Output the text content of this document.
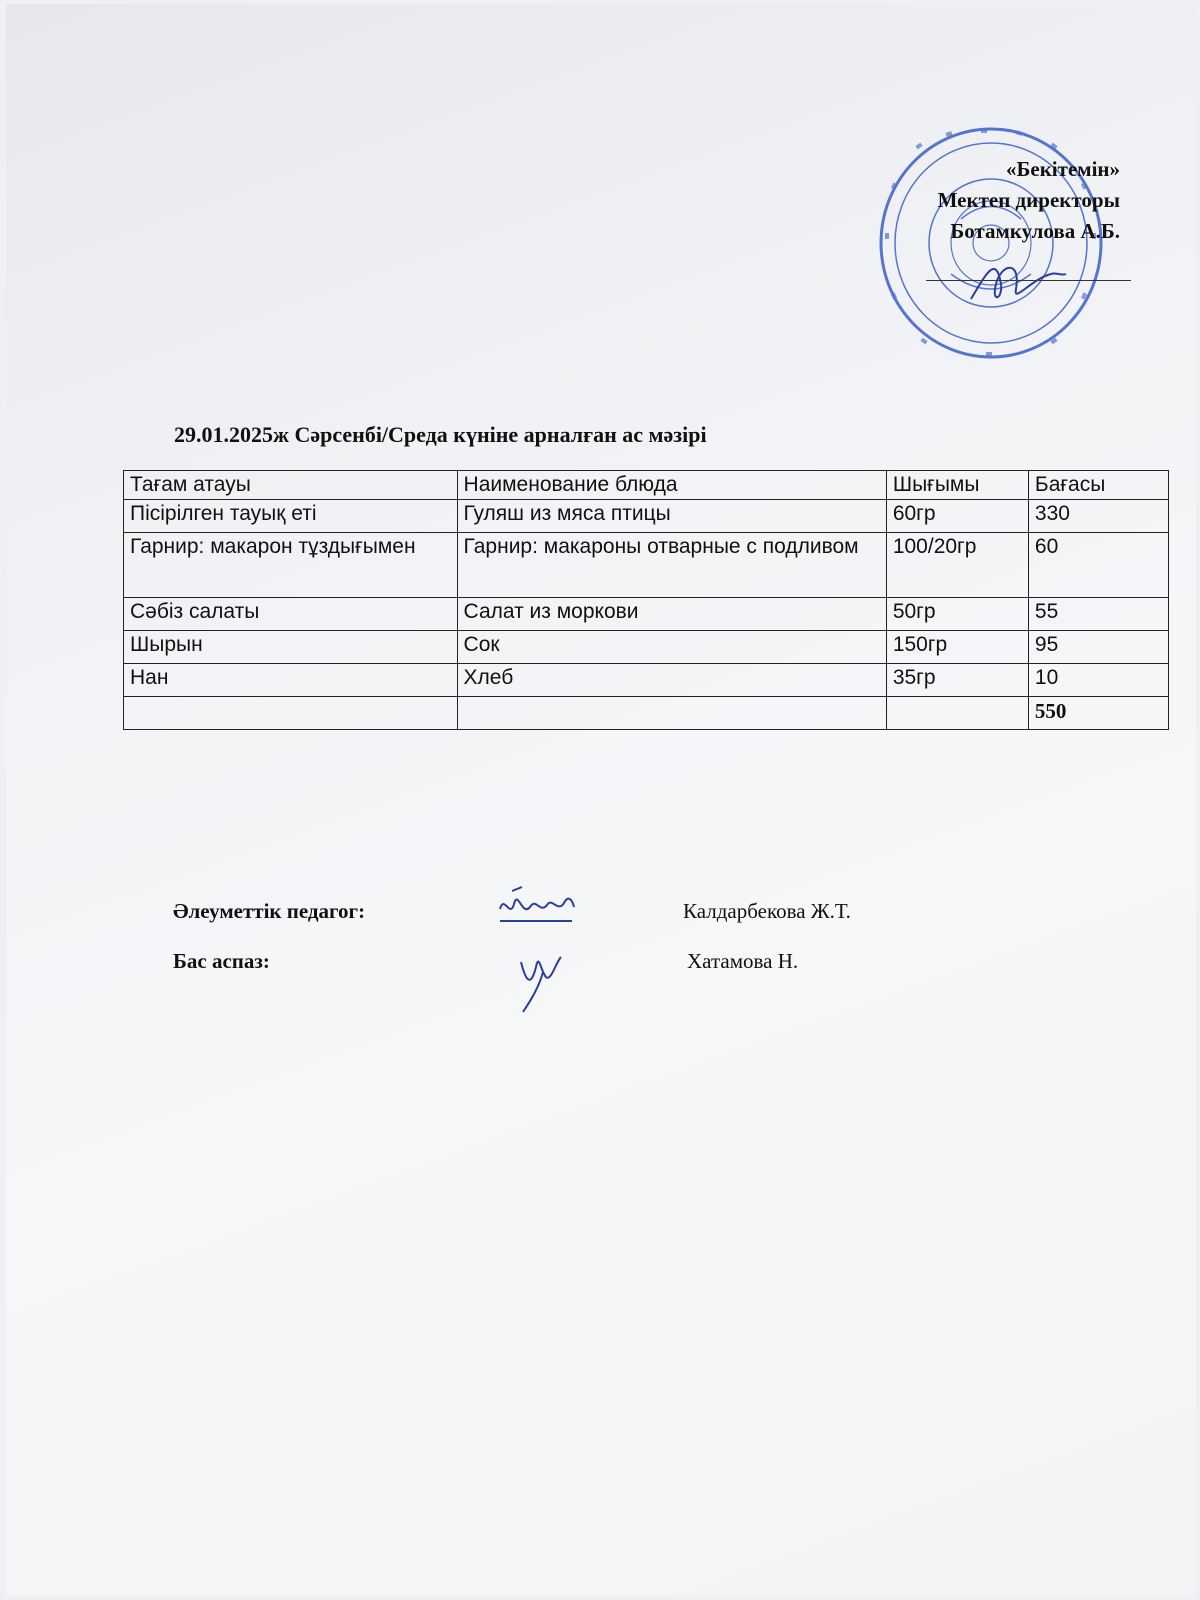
«Бекітемін»
Мектеп директоры
Ботамкулова А.Б.
29.01.2025ж Сәрсенбі/Среда күніне арналған ас мәзірі
Тағам атауы	Наименование блюда	Шығымы	Бағасы
Пісірілген тауық еті	Гуляш из мяса птицы	60гр	330
Гарнир: макарон тұздығымен	Гарнир: макароны отварные с подливом	100/20гр	60
Сәбіз салаты	Салат из моркови	50гр	55
Шырын	Сок	150гр	95
Нан	Хлеб	35гр	10
			550
Әлеуметтік педагог:	Калдарбекова Ж.Т.
Бас аспаз:	Хатамова Н.
